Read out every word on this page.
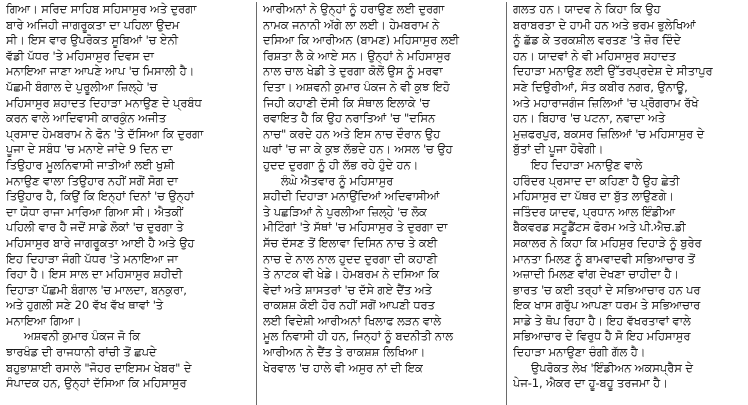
ਗਿਆ। ਸਰਿਦ ਸਾਹਿਬ ਸਹਿਸਾਸੁਰ ਅਤੇ ਦੁਰਗਾ

ਬਾਰੇ ਅਜਿਹੀ ਜਾਗਰੂਕਤਾ ਦਾ ਪਹਿਲਾ ਉਦਮ

ਸੀ। ਇਸ ਵਾਰ ਉਪਰੋਕਤ ਸੂਬਿਆਂ 'ਚ ਏਨੀ

ਵੱਡੀ ਪੱਧਰ 'ਤੇ ਮਹਿਸਾਸੁਰ ਦਿਵਸ ਦਾ

ਮਨਾਇਆ ਜਾਣਾ ਆਪਣੇ ਆਪ 'ਚ ਮਿਸਾਲੀ ਹੈ।

ਪੱਛਮੀ ਬੰਗਾਲ ਦੇ ਪੁਰੂਲੀਆ ਜ਼ਿਲ੍ਹੇ 'ਚ

ਮਹਿਸਾਸੁਰ ਸ਼ਹਾਦਤ ਦਿਹਾੜਾ ਮਨਾਉਣ ਦੇ ਪ੍ਰਬੰਧ

ਕਰਨ ਵਾਲੇ ਆਦਿਵਾਸੀ ਕਾਰਕੁੰਨ ਅਜੀਤ

ਪ੍ਰਸਾਦ ਹੇਮਬਰਾਮ ਨੇ ਫੋਨ 'ਤੇ ਦੱਸਿਆ ਕਿ ਦੁਰਗਾ

ਪੂਜਾ ਦੇ ਸਬੰਧ 'ਚ ਮਨਾਏ ਜਾਂਦੇ 9 ਦਿਨ ਦਾ

ਤਿਉਹਾਰ ਮੂਲਨਿਵਾਸੀ ਜਾਤੀਆਂ ਲਈ ਖੁਸ਼ੀ

ਮਨਾਉਣ ਵਾਲਾ ਤਿਉਹਾਰ ਨਹੀਂ ਸਗੋਂ ਸੋਗ ਦਾ

ਤਿਉਹਾਰ ਹੈ, ਕਿਉਂ ਕਿ ਇਨ੍ਹਾਂ ਦਿਨਾਂ 'ਚ ਉਨ੍ਹਾਂ

ਦਾ ਯੋਧਾ ਰਾਜਾ ਮਾਰਿਆ ਗਿਆ ਸੀ। ਐਤਕੀਂ

ਪਹਿਲੀ ਵਾਰ ਹੈ ਜਦੋਂ ਸਾਡੇ ਲੋਕਾਂ 'ਚ ਦੁਰਗਾ ਤੇ

ਮਹਿਸਾਸੁਰ ਬਾਰੇ ਜਾਗਰੂਕਤਾ ਆਈ ਹੈ ਅਤੇ ਉਹ

ਇਹ ਦਿਹਾੜਾ ਜੰਗੀ ਪੱਧਰ 'ਤੇ ਮਨਾਇਆ ਜਾ

ਰਿਹਾ ਹੈ। ਇਸ ਸਾਲ ਦਾ ਮਹਿਸਾਸੁਰ ਸ਼ਹੀਦੀ

ਦਿਹਾੜਾ ਪੱਛਮੀ ਬੰਗਾਲ 'ਚ ਮਾਲਦਾ, ਬਨਕੁਰਾ,

ਅਤੇ ਹੁਗਲੀ ਸਣੇ 20 ਵੱਖ ਵੱਖ ਥਾਵਾਂ 'ਤੇ

ਮਨਾਇਆ ਗਿਆ।

ਅਸ਼ਵਨੀ ਕੁਮਾਰ ਪੰਕਜ ਜੋ ਕਿ

ਝਾਰਖੰਡ ਦੀ ਰਾਜਧਾਨੀ ਰਾਂਚੀ ਤੋਂ ਛਪਦੇ

ਬਹੁਭਾਸ਼ਾਈ ਰਸਾਲੇ "ਜੋਹਰ ਦਾਇਸਮ ਖੇਬਰ" ਦੇ

ਸੰਪਾਦਕ ਹਨ, ਉਨ੍ਹਾਂ ਦੱਸਿਆ ਕਿ ਮਹਿਸਾਸੁਰ

ਆਰੀਅਨਾਂ ਨੇ ਉਨ੍ਹਾਂ ਨੂੰ ਹਰਾਉਣ ਲਈ ਦੁਰਗਾ

ਨਾਮਕ ਜਨਾਨੀ ਅੱਗੇ ਲਾ ਲਈ। ਹੇਮਬਰਾਮ ਨੇ

ਦਸਿਆ ਕਿ ਆਰੀਅਨ (ਬਾਮਣ) ਮਹਿਸਾਸੁਰ ਲਈ

ਰਿਸ਼ਤਾ ਲੈ ਕੇ ਆਏ ਸਨ। ਉਨ੍ਹਾਂ ਨੇ ਮਹਿਸਾਸੁਰ

ਨਾਲ ਚਾਲ ਖੇਡੀ ਤੇ ਦੁਰਗਾ ਕੋਲੋਂ ਉਸ ਨੂੰ ਮਰਵਾ

ਦਿਤਾ। ਅਸ਼ਵਨੀ ਕੁਮਾਰ ਪੰਕਜ ਨੇ ਵੀ ਕੁਝ ਇਹੋ

ਜਿਹੀ ਕਹਾਣੀ ਦੱਸੀ ਕਿ ਸੰਥਾਲ ਇਲਾਕੇ 'ਚ

ਰਵਾਇਤ ਹੈ ਕਿ ਉਹ ਨਰਾਤਿਆਂ 'ਚ "ਦਸਿਨ

ਨਾਚ" ਕਰਦੇ ਹਨ ਅਤੇ ਇਸ ਨਾਚ ਦੌਰਾਨ ਉਹ

ਘਰਾਂ 'ਚ ਜਾ ਕੇ ਕੁਝ ਲੱਭਦੇ ਹਨ। ਅਸਲ 'ਚ ਉਹ

ਹੁਦਦ ਦੁਰਗਾ ਨੂੰ ਹੀ ਲੱਭ ਰਹੇ ਹੁੰਦੇ ਹਨ।

ਲੰਘੇ ਐਤਵਾਰ ਨੂੰ ਮਹਿਸਾਸੁਰ

ਸ਼ਹੀਦੀ ਦਿਹਾੜਾ ਮਨਾਉਂਦਿਆਂ ਅਦਿਵਾਸੀਆਂ

ਤੇ ਪਛੜਿਆਂ ਨੇ ਪੁਰਲੀਆ ਜ਼ਿਲ੍ਹੇ 'ਚ ਲੋਕ

ਮੀਟਿੰਗਾਂ 'ਤੇ ਸੱਥਾਂ 'ਚ ਮਹਿਸਾਸੁਰ ਤੇ ਦੁਰਗਾ ਦਾ

ਸੱਚ ਦੱਸਣ ਤੋਂ ਇਲਾਵਾ ਦਿਸਿਨ ਨਾਚ ਤੇ ਕਈ

ਨਾਚ ਦੇ ਨਾਲ ਨਾਲ ਹੁਦਦ ਦੁਰਗਾ ਦੀ ਕਹਾਣੀ

ਤੇ ਨਾਟਕ ਵੀ ਖੇਡੇ। ਹੇਮਬਰਮ ਨੇ ਦਸਿਆ ਕਿ

ਵੇਦਾਂ ਅਤੇ ਸ਼ਾਸਤਰਾਂ 'ਚ ਦੱਸੇ ਗਏ ਦੈਂਤ ਅਤੇ

ਰਾਕਸ਼ਸ਼ ਕੋਈ ਹੋਰ ਨਹੀਂ ਸਗੋਂ ਆਪਣੀ ਧਰਤ

ਲਈ ਵਿਦੇਸ਼ੀ ਆਰੀਅਨਾਂ ਖਿਲਾਫ ਲੜਨ ਵਾਲੇ

ਮੂਲ ਨਿਵਾਸੀ ਹੀ ਹਨ, ਜਿਨ੍ਹਾਂ ਨੂੰ ਬਦਨੀਤੀ ਨਾਲ

ਆਰੀਅਨ ਨੇ ਦੈਂਤ ਤੇ ਰਾਕਸ਼ਸ਼ ਲਿਖਿਆ।

ਖੇਰਵਾਲ 'ਚ ਹਾਲੇ ਵੀ ਅਸੁਰ ਨਾਂ ਦੀ ਇਕ

ਗਲਤ ਹਨ। ਯਾਦਵ ਨੇ ਕਿਹਾ ਕਿ ਉਹ

ਬਰਾਬਰਤਾ ਦੇ ਹਾਮੀ ਹਨ ਅਤੇ ਭਰਮ ਭੁਲੇਖਿਆਂ

ਨੂੰ ਛੱਡ ਕੇ ਤਰਕਸ਼ੀਲ ਵਰਤਣ 'ਤੇ ਜ਼ੋਰ ਦਿੰਦੇ

ਹਨ। ਯਾਦਵਾਂ ਨੇ ਵੀ ਮਹਿਸਾਸੁਰ ਸ਼ਹਾਦਤ

ਦਿਹਾੜਾ ਮਨਾਉਣ ਲਈ ਉੱਤਰਪ੍ਰਦੇਸ਼ ਦੇ ਸੀਤਾਪੁਰ

ਸਣੇ ਦਿਉਰੀਆਂ, ਸੰਤ ਕਬੀਰ ਨਗਰ, ਉਨਾਊ,

ਅਤੇ ਮਹਾਰਾਜਗੰਜ ਜ਼ਿਲਿਆਂ 'ਚ ਪ੍ਰੋਗਰਾਮ ਰੱਖੇ

ਹਨ। ਬਿਹਾਰ 'ਚ ਪਟਨਾ, ਨਵਾਦਾ ਅਤੇ

ਮੁਜ਼ਫਰਪੁਰ, ਬਕਸਰ ਜ਼ਿਲਿਆਂ 'ਚ ਮਹਿਸਾਸੁਰ ਦੇ

ਬੁੱਤਾਂ ਦੀ ਪੂਜਾ ਹੋਵੇਗੀ।

ਇਹ ਦਿਹਾੜਾ ਮਨਾਉਣ ਵਾਲੇ

ਹਰਿੰਦਰ ਪ੍ਰਸਾਦ ਦਾ ਕਹਿਣਾ ਹੈ ਉਹ ਛੇਤੀ

ਮਹਿਸਾਸੁਰ ਦਾ ਪੱਥਰ ਦਾ ਬੁੱਤ ਲਾਉਣਗੇ।

ਜਤਿੰਦਰ ਯਾਦਵ, ਪ੍ਰਧਾਨ ਆਲ ਇੰਡੀਆ

ਬੈਕਵਰਡ ਸਟੂਡੈਂਟਸ ਫੋਰਮ ਅਤੇ ਪੀ.ਐਚ.ਡੀ

ਸਕਾਲਰ ਨੇ ਕਿਹਾ ਕਿ ਮਹਿਸੁਰ ਦਿਹਾੜੇ ਨੂੰ ਬੁਰੇਰ

ਮਾਨਤਾ ਮਿਲਣ ਨੂੰ ਬਾਮਵਾਦਵੀ ਸਭਿਆਚਾਰ ਤੋਂ

ਅਜ਼ਾਦੀ ਮਿਲਣ ਵਾਂਗ ਦੇਖਣਾ ਚਾਹੀਦਾ ਹੈ।

ਭਾਰਤ 'ਚ ਕਈ ਤਰ੍ਹਾਂ ਦੇ ਸਭਿਆਚਾਰ ਹਨ ਪਰ

ਇਕ ਖਾਸ ਗਰੁੱਪ ਆਪਣਾ ਧਰਮ ਤੇ ਸਭਿਆਚਾਰ

ਸਾਡੇ ਤੇ ਥੋਪ ਰਿਹਾ ਹੈ। ਇਹ ਵੱਖਰਤਾਵਾਂ ਵਾਲੇ

ਸਭਿਆਚਾਰ ਦੇ ਵਿਰੁਧ ਹੈ ਸੋ ਇਹ ਮਹਿਸਾਸੁਰ

ਦਿਹਾੜਾ ਮਨਾਉਣਾ ਚੰਗੀ ਗੱਲ ਹੈ।

ਉਪਰੋਕਤ ਲੇਖ 'ਇੰਡੀਅਨ ਅਕਸਪ੍ਰੈਸ ਦੇ

ਪੇਜ-1, ਐਕਰ ਦਾ ਹੂ-ਬਹੂ ਤਰਜਮਾ ਹੈ।
